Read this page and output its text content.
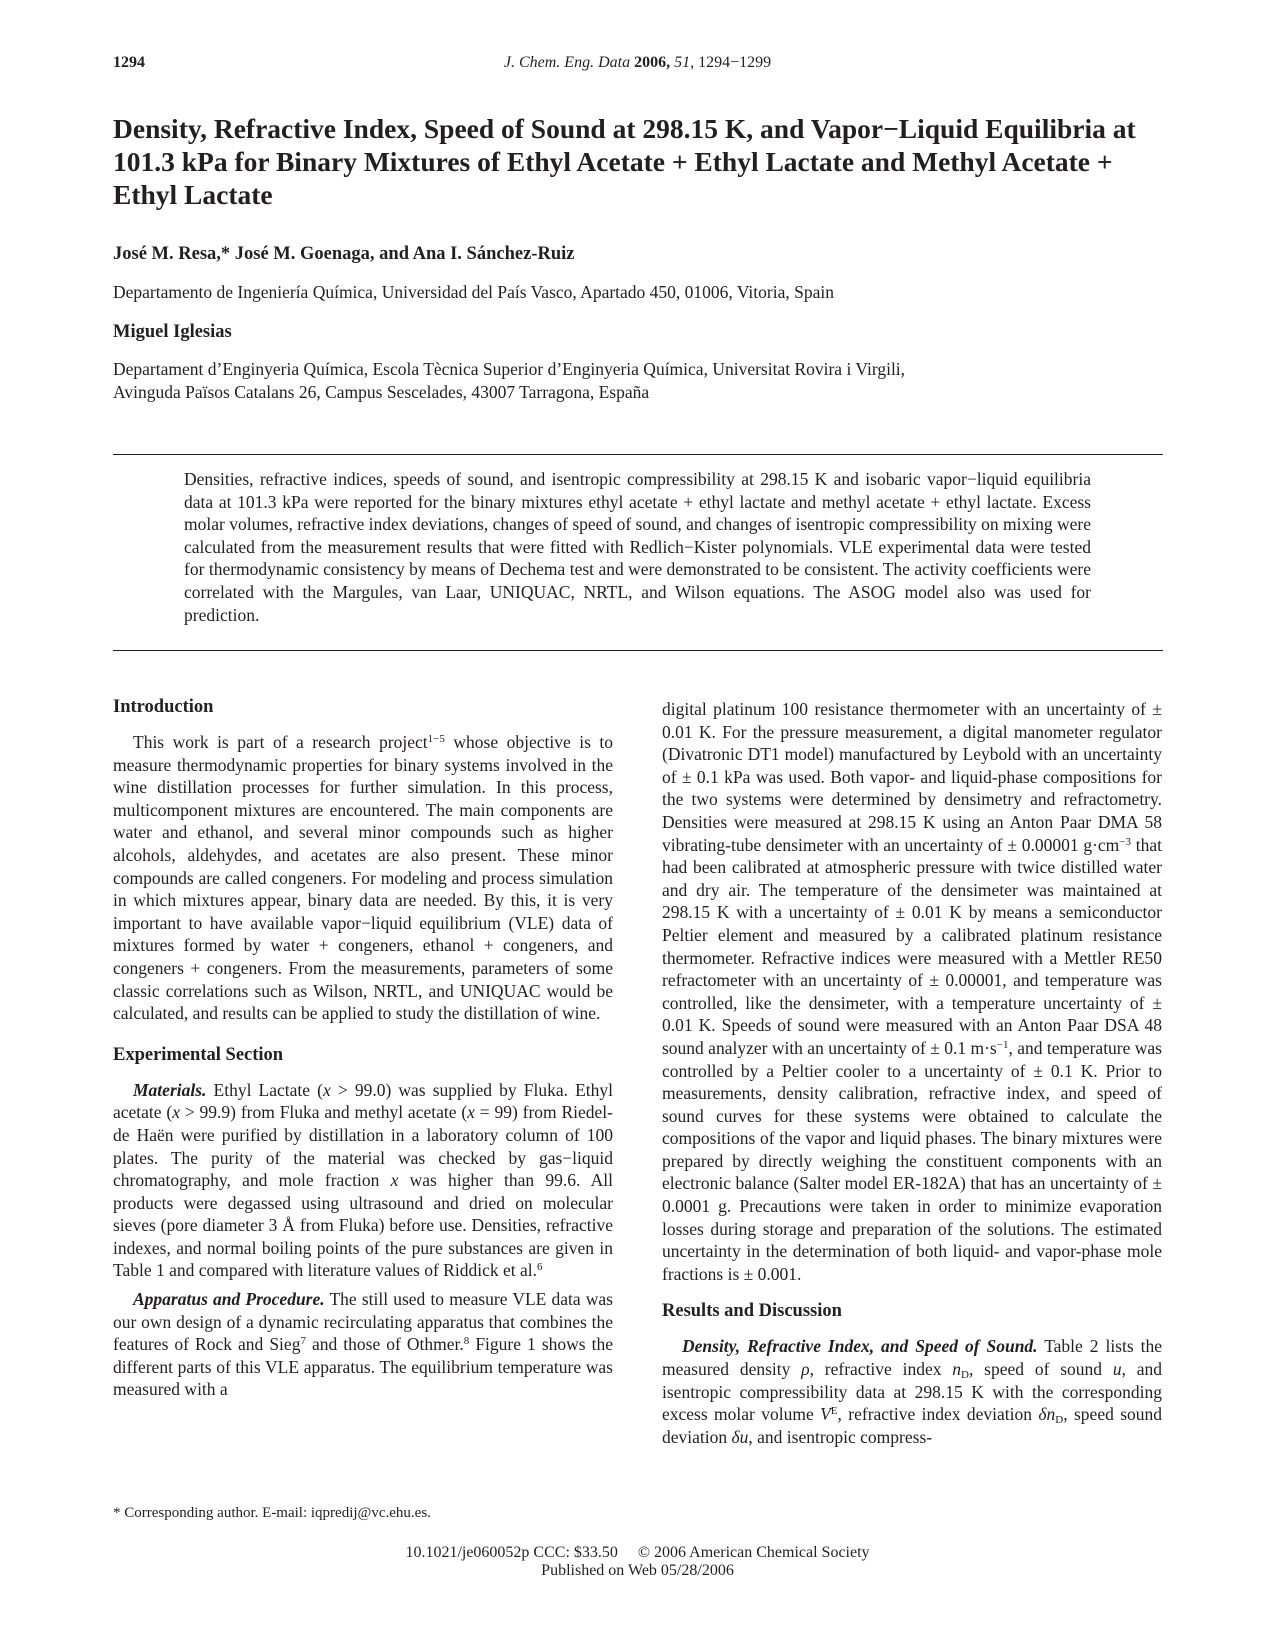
1294	J. Chem. Eng. Data 2006, 51, 1294−1299
Density, Refractive Index, Speed of Sound at 298.15 K, and Vapor−Liquid Equilibria at 101.3 kPa for Binary Mixtures of Ethyl Acetate + Ethyl Lactate and Methyl Acetate + Ethyl Lactate

José M. Resa,* José M. Goenaga, and Ana I. Sánchez-Ruiz

Departamento de Ingeniería Química, Universidad del País Vasco, Apartado 450, 01006, Vitoria, Spain

Miguel Iglesias

Departament d’Enginyeria Química, Escola Tècnica Superior d’Enginyeria Química, Universitat Rovira i Virgili,
Avinguda Països Catalans 26, Campus Sescelades, 43007 Tarragona, España

Densities, refractive indices, speeds of sound, and isentropic compressibility at 298.15 K and isobaric vapor−liquid equilibria data at 101.3 kPa were reported for the binary mixtures ethyl acetate + ethyl lactate and methyl acetate + ethyl lactate. Excess molar volumes, refractive index deviations, changes of speed of sound, and changes of isentropic compressibility on mixing were calculated from the measurement results that were fitted with Redlich−Kister polynomials. VLE experimental data were tested for thermodynamic consistency by means of Dechema test and were demonstrated to be consistent. The activity coefficients were correlated with the Margules, van Laar, UNIQUAC, NRTL, and Wilson equations. The ASOG model also was used for prediction.

Introduction

This work is part of a research project$^{1-5}$ whose objective is to measure thermodynamic properties for binary systems involved in the wine distillation processes for further simulation. In this process, multicomponent mixtures are encountered. The main components are water and ethanol, and several minor compounds such as higher alcohols, aldehydes, and acetates are also present. These minor compounds are called congeners. For modeling and process simulation in which mixtures appear, binary data are needed. By this, it is very important to have available vapor−liquid equilibrium (VLE) data of mixtures formed by water + congeners, ethanol + congeners, and congeners + congeners. From the measurements, parameters of some classic correlations such as Wilson, NRTL, and UNIQUAC would be calculated, and results can be applied to study the distillation of wine.

Experimental Section

Materials. Ethyl Lactate (x > 99.0) was supplied by Fluka. Ethyl acetate (x > 99.9) from Fluka and methyl acetate (x = 99) from Riedel-de Haën were purified by distillation in a laboratory column of 100 plates. The purity of the material was checked by gas−liquid chromatography, and mole fraction x was higher than 99.6. All products were degassed using ultrasound and dried on molecular sieves (pore diameter 3 Å from Fluka) before use. Densities, refractive indexes, and normal boiling points of the pure substances are given in Table 1 and compared with literature values of Riddick et al.$^6$

Apparatus and Procedure. The still used to measure VLE data was our own design of a dynamic recirculating apparatus that combines the features of Rock and Sieg$^7$ and those of Othmer.$^8$ Figure 1 shows the different parts of this VLE apparatus. The equilibrium temperature was measured with a

digital platinum 100 resistance thermometer with an uncertainty of ± 0.01 K. For the pressure measurement, a digital manometer regulator (Divatronic DT1 model) manufactured by Leybold with an uncertainty of ± 0.1 kPa was used. Both vapor- and liquid-phase compositions for the two systems were determined by densimetry and refractometry. Densities were measured at 298.15 K using an Anton Paar DMA 58 vibrating-tube densimeter with an uncertainty of ± 0.00001 $g\cdot cm^{-3}$ that had been calibrated at atmospheric pressure with twice distilled water and dry air. The temperature of the densimeter was maintained at 298.15 K with a uncertainty of ± 0.01 K by means a semiconductor Peltier element and measured by a calibrated platinum resistance thermometer. Refractive indices were measured with a Mettler RE50 refractometer with an uncertainty of ± 0.00001, and temperature was controlled, like the densimeter, with a temperature uncertainty of ± 0.01 K. Speeds of sound were measured with an Anton Paar DSA 48 sound analyzer with an uncertainty of ± 0.1 $m\cdot s^{-1}$, and temperature was controlled by a Peltier cooler to a uncertainty of ± 0.1 K. Prior to measurements, density calibration, refractive index, and speed of sound curves for these systems were obtained to calculate the compositions of the vapor and liquid phases. The binary mixtures were prepared by directly weighing the constituent components with an electronic balance (Salter model ER-182A) that has an uncertainty of ± 0.0001 g. Precautions were taken in order to minimize evaporation losses during storage and preparation of the solutions. The estimated uncertainty in the determination of both liquid- and vapor-phase mole fractions is ± 0.001.

Results and Discussion

Density, Refractive Index, and Speed of Sound. Table 2 lists the measured density ρ, refractive index $n_D$, speed of sound u, and isentropic compressibility data at 298.15 K with the corresponding excess molar volume $V^E$, refractive index deviation $\delta n_D$, speed sound deviation δu, and isentropic compress-

* Corresponding author. E-mail: iqpredij@vc.ehu.es.
10.1021/je060052p CCC: $33.50 © 2006 American Chemical Society
Published on Web 05/28/2006
